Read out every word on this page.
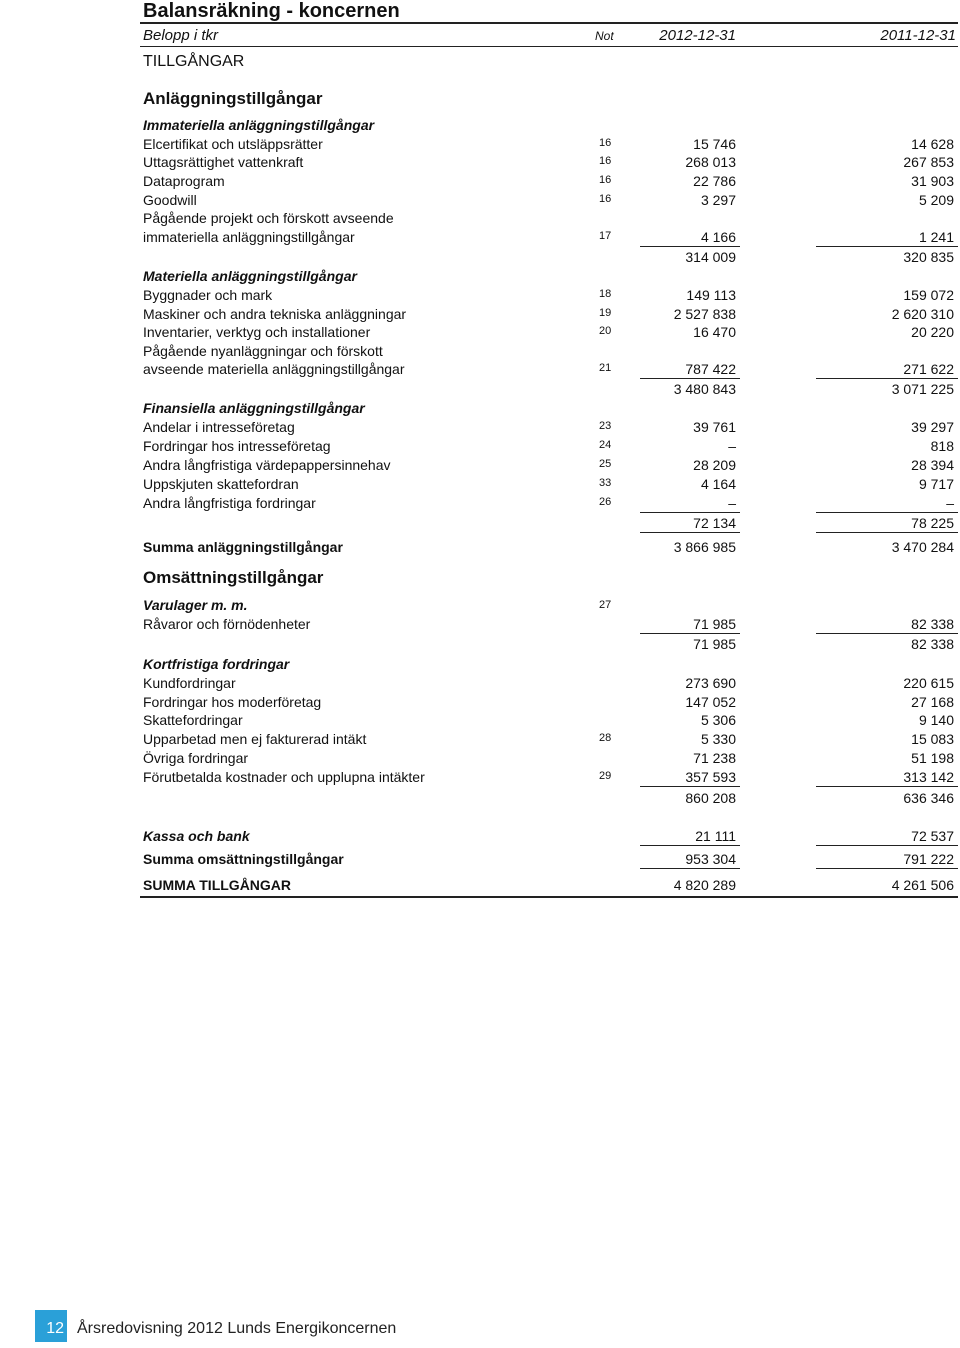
Balansräkning - koncernen
Belopp i tkr	Not	2012-12-31	2011-12-31
TILLGÅNGAR
Anläggningstillgångar
Immateriella anläggningstillgångar
Elcertifikat och utsläppsrätter	16	15 746	14 628
Uttagsrättighet vattenkraft	16	268 013	267 853
Dataprogram	16	22 786	31 903
Goodwill	16	3 297	5 209
Pågående projekt och förskott avseende
immateriella anläggningstillgångar	17	4 166	1 241
314 009	320 835
Materiella anläggningstillgångar
Byggnader och mark	18	149 113	159 072
Maskiner och andra tekniska anläggningar	19	2 527 838	2 620 310
Inventarier, verktyg och installationer	20	16 470	20 220
Pågående nyanläggningar och förskott
avseende materiella anläggningstillgångar	21	787 422	271 622
3 480 843	3 071 225
Finansiella anläggningstillgångar
Andelar i intresseföretag	23	39 761	39 297
Fordringar hos intresseföretag	24	–	818
Andra långfristiga värdepappersinnehav	25	28 209	28 394
Uppskjuten skattefordran	33	4 164	9 717
Andra långfristiga fordringar	26	–	–
72 134	78 225
Summa anläggningstillgångar	3 866 985	3 470 284
Omsättningstillgångar
Varulager m. m.	27
Råvaror och förnödenheter	71 985	82 338
71 985	82 338
Kortfristiga fordringar
Kundfordringar	273 690	220 615
Fordringar hos moderföretag	147 052	27 168
Skattefordringar	5 306	9 140
Upparbetad men ej fakturerad intäkt	28	5 330	15 083
Övriga fordringar	71 238	51 198
Förutbetalda kostnader och upplupna intäkter	29	357 593	313 142
860 208	636 346
Kassa och bank	21 111	72 537
Summa omsättningstillgångar	953 304	791 222
SUMMA TILLGÅNGAR	4 820 289	4 261 506
12 Årsredovisning 2012 Lunds Energikoncernen
